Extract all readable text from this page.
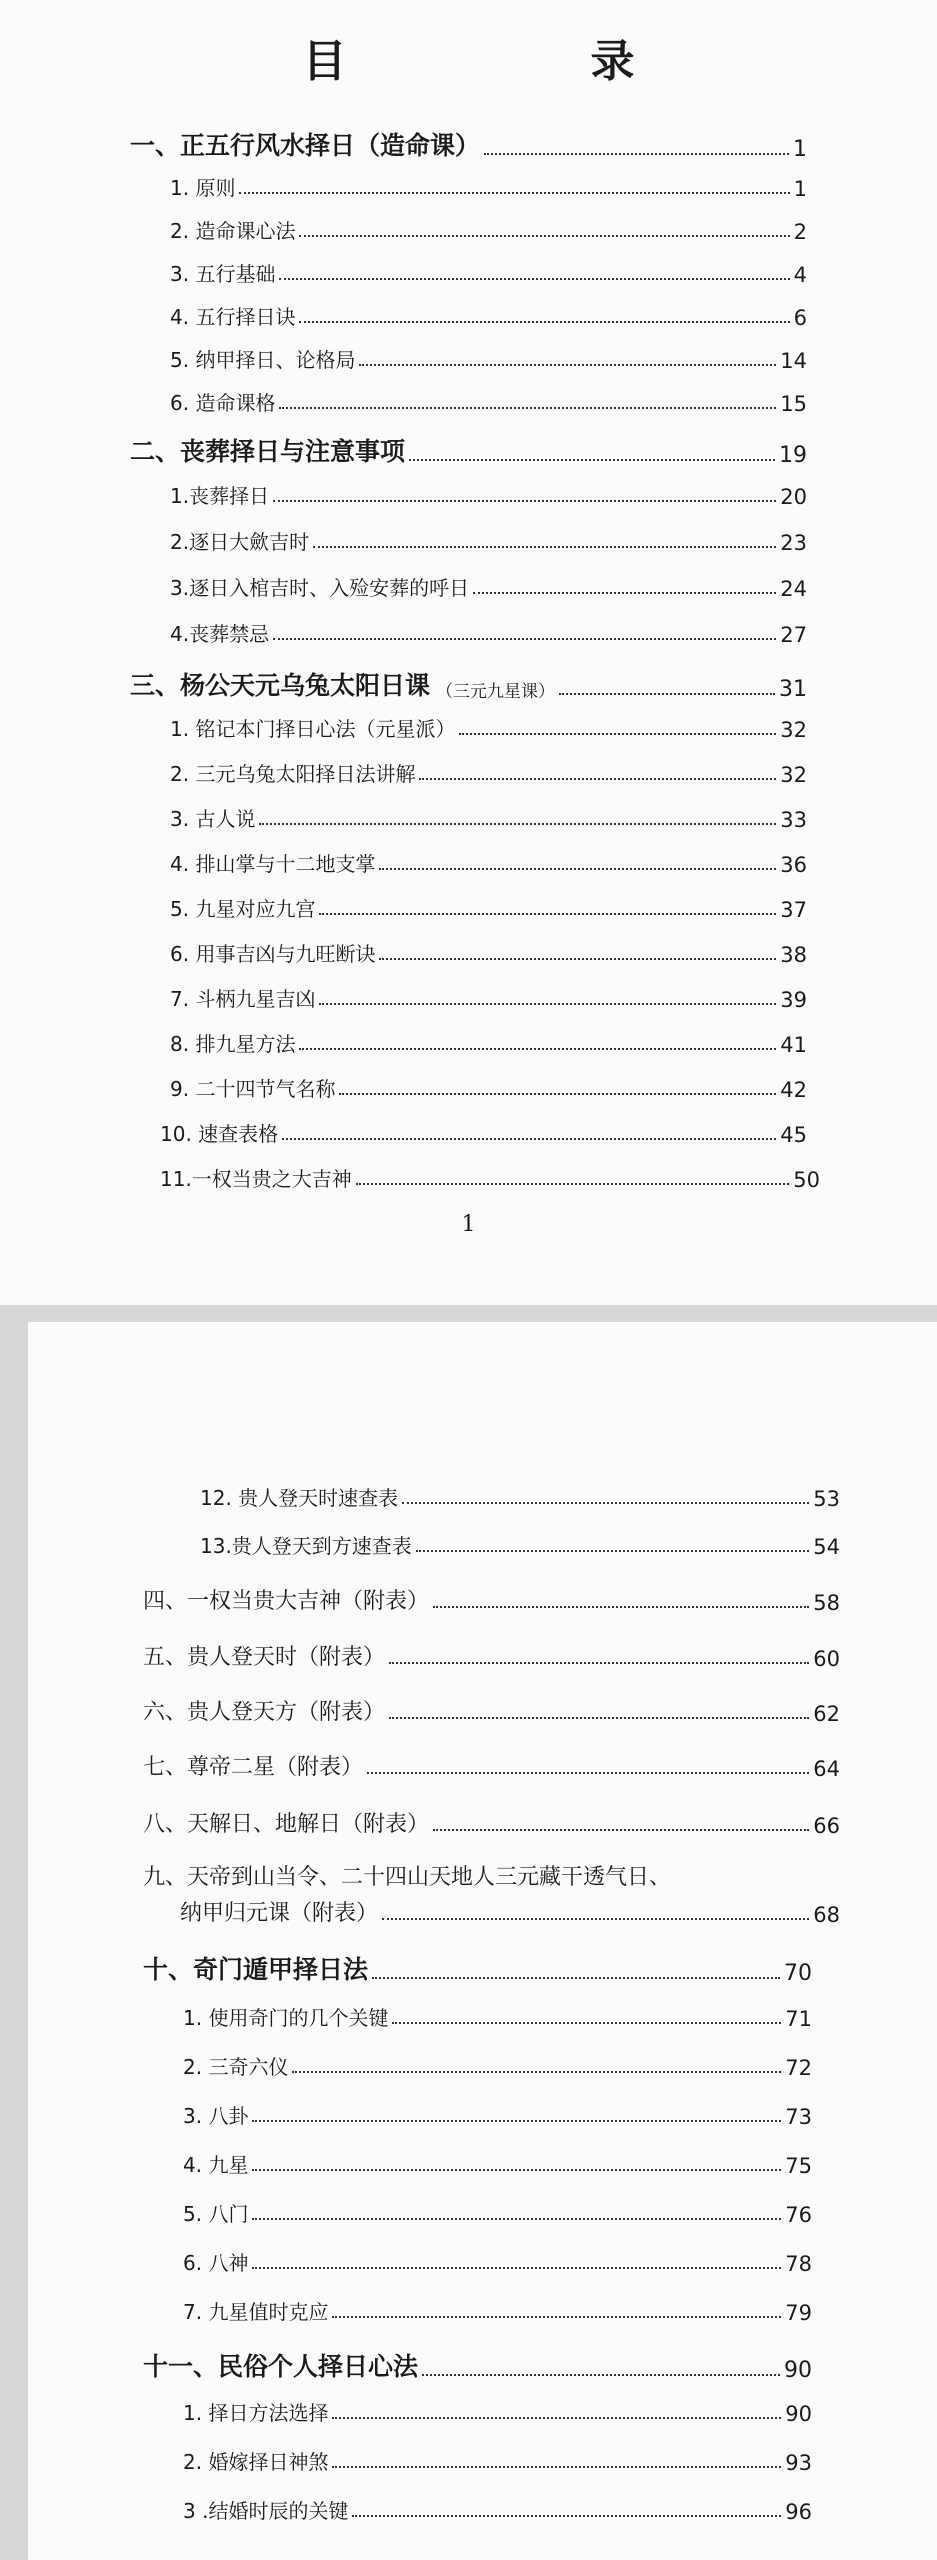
目　录
一、正五行风水择日（造命课）	1
1. 原则	1
2. 造命课心法	2
3. 五行基础	4
4. 五行择日诀	6
5. 纳甲择日、论格局	14
6. 造命课格	15
二、丧葬择日与注意事项	19
1.丧葬择日	20
2.逐日大歛吉时	23
3.逐日入棺吉时、入殓安葬的呼日	24
4.丧葬禁忌	27
三、杨公天元乌兔太阳日课 （三元九星课）	31
1. 铭记本门择日心法（元星派）	32
2. 三元乌兔太阳择日法讲解	32
3. 古人说	33
4. 排山掌与十二地支掌	36
5. 九星对应九宫	37
6. 用事吉凶与九旺断诀	38
7. 斗柄九星吉凶	39
8. 排九星方法	41
9. 二十四节气名称	42
10. 速查表格	45
11.一权当贵之大吉神	50
1
12. 贵人登天时速查表	53
13.贵人登天到方速查表	54
四、一权当贵大吉神（附表）	58
五、贵人登天时（附表）	60
六、贵人登天方（附表）	62
七、尊帝二星（附表）	64
八、天解日、地解日（附表）	66
九、天帝到山当令、二十四山天地人三元藏干透气日、
纳甲归元课（附表）	68
十、奇门遁甲择日法	70
1. 使用奇门的几个关键	71
2. 三奇六仪	72
3. 八卦	73
4. 九星	75
5. 八门	76
6. 八神	78
7. 九星值时克应	79
十一、民俗个人择日心法	90
1. 择日方法选择	90
2. 婚嫁择日神煞	93
3 .结婚时辰的关键	96
